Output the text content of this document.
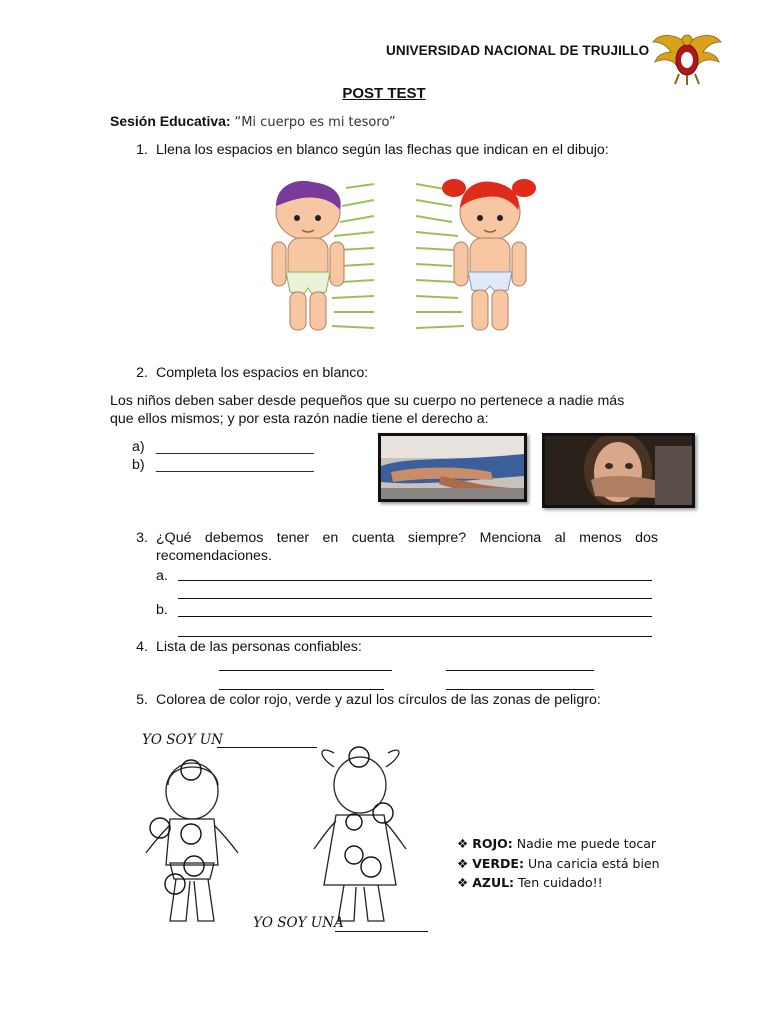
UNIVERSIDAD NACIONAL DE TRUJILLO
POST TEST
Sesión Educativa: “Mi cuerpo es mi tesoro”
1. Llena los espacios en blanco según las flechas que indican en el dibujo:
2. Completa los espacios en blanco:
Los niños deben saber desde pequeños que su cuerpo no pertenece a nadie más que ellos mismos; y por esta razón nadie tiene el derecho a:
a) ____________________
b) ____________________
3. ¿Qué debemos tener en cuenta siempre? Menciona al menos dos recomendaciones.
a.
b.
4. Lista de las personas confiables:
5. Colorea de color rojo, verde y azul los círculos de las zonas de peligro:
YO SOY UN
YO SOY UNA
❖ ROJO: Nadie me puede tocar
❖ VERDE: Una caricia está bien
❖ AZUL: Ten cuidado!!
